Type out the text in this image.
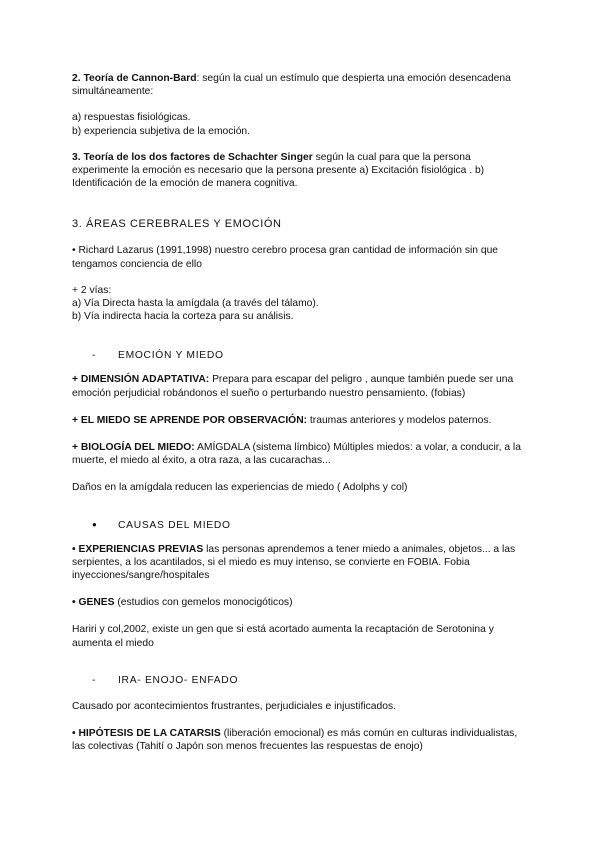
2. Teoría de Cannon-Bard: según la cual un estímulo que despierta una emoción desencadena simultáneamente:

a) respuestas fisiológicas.

b) experiencia subjetiva de la emoción.

3. Teoría de los dos factores de Schachter Singer según la cual para que la persona experimente la emoción es necesario que la persona presente a) Excitación fisiológica . b) Identificación de la emoción de manera cognitiva.

3. ÁREAS CEREBRALES Y EMOCIÓN

• Richard Lazarus (1991,1998) nuestro cerebro procesa gran cantidad de información sin que tengamos conciencia de ello

+ 2 vías:

a) Vía Directa hasta la amígdala (a través del tálamo).

b) Vía indirecta hacia la corteza para su análisis.

-	EMOCIÓN Y MIEDO

+ DIMENSIÓN ADAPTATIVA: Prepara para escapar del peligro , aunque también puede ser una emoción perjudicial robándonos el sueño o perturbando nuestro pensamiento. (fobias)

+ EL MIEDO SE APRENDE POR OBSERVACIÓN: traumas anteriores y modelos paternos.

+ BIOLOGÍA DEL MIEDO: AMÍGDALA (sistema límbico) Múltiples miedos: a volar, a conducir, a la muerte, el miedo al éxito, a otra raza, a las cucarachas...

Daños en la amígdala reducen las experiencias de miedo ( Adolphs y col)

●	CAUSAS DEL MIEDO

• EXPERIENCIAS PREVIAS las personas aprendemos a tener miedo a animales, objetos... a las serpientes, a los acantilados, si el miedo es muy intenso, se convierte en FOBIA. Fobia inyecciones/sangre/hospitales

• GENES (estudios con gemelos monocigóticos)

Hariri y col,2002, existe un gen que si está acortado aumenta la recaptación de Serotonina y aumenta el miedo

-	IRA- ENOJO- ENFADO

Causado por acontecimientos frustrantes, perjudiciales e injustificados.

• HIPÓTESIS DE LA CATARSIS (liberación emocional) es más común en culturas individualistas, las colectivas (Tahití o Japón son menos frecuentes las respuestas de enojo)
